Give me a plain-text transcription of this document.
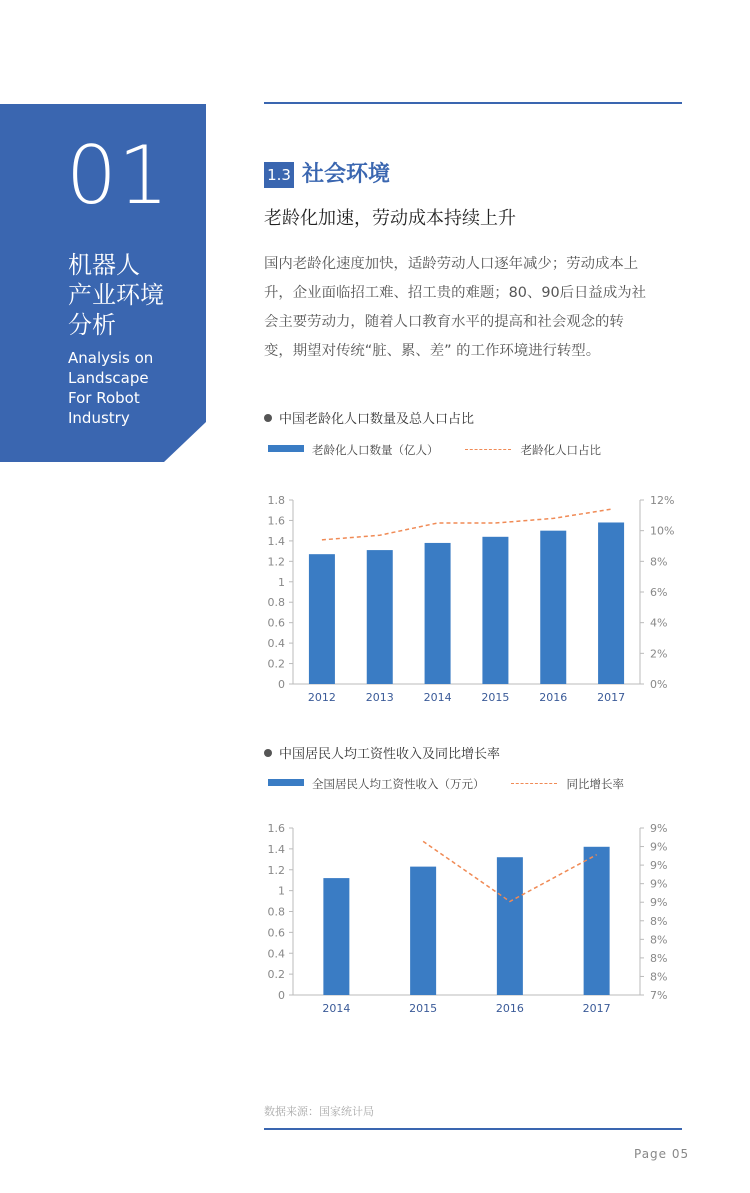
01
机器人
产业环境
分析
Analysis on
Landscape
For Robot
Industry
1.3 社会环境
老龄化加速，劳动成本持续上升
国内老龄化速度加快，适龄劳动人口逐年减少；劳动成本上
升，企业面临招工难、招工贵的难题；80、90后日益成为社
会主要劳动力，随着人口教育水平的提高和社会观念的转
变，期望对传统“脏、累、差” 的工作环境进行转型。
中国老龄化人口数量及总人口占比
老龄化人口数量（亿人）	老龄化人口占比
0
0.2
0.4
0.6
0.8
1
1.2
1.4
1.6
1.8
0%
2%
4%
6%
8%
10%
12%
2012	2013	2014	2015	2016	2017
中国居民人均工资性收入及同比增长率
全国居民人均工资性收入（万元）	同比增长率
0
0.2
0.4
0.6
0.8
1
1.2
1.4
1.6
7%
8%
8%
8%
8%
9%
9%
9%
9%
9%
2014	2015	2016	2017
数据来源：国家统计局
Page 05
